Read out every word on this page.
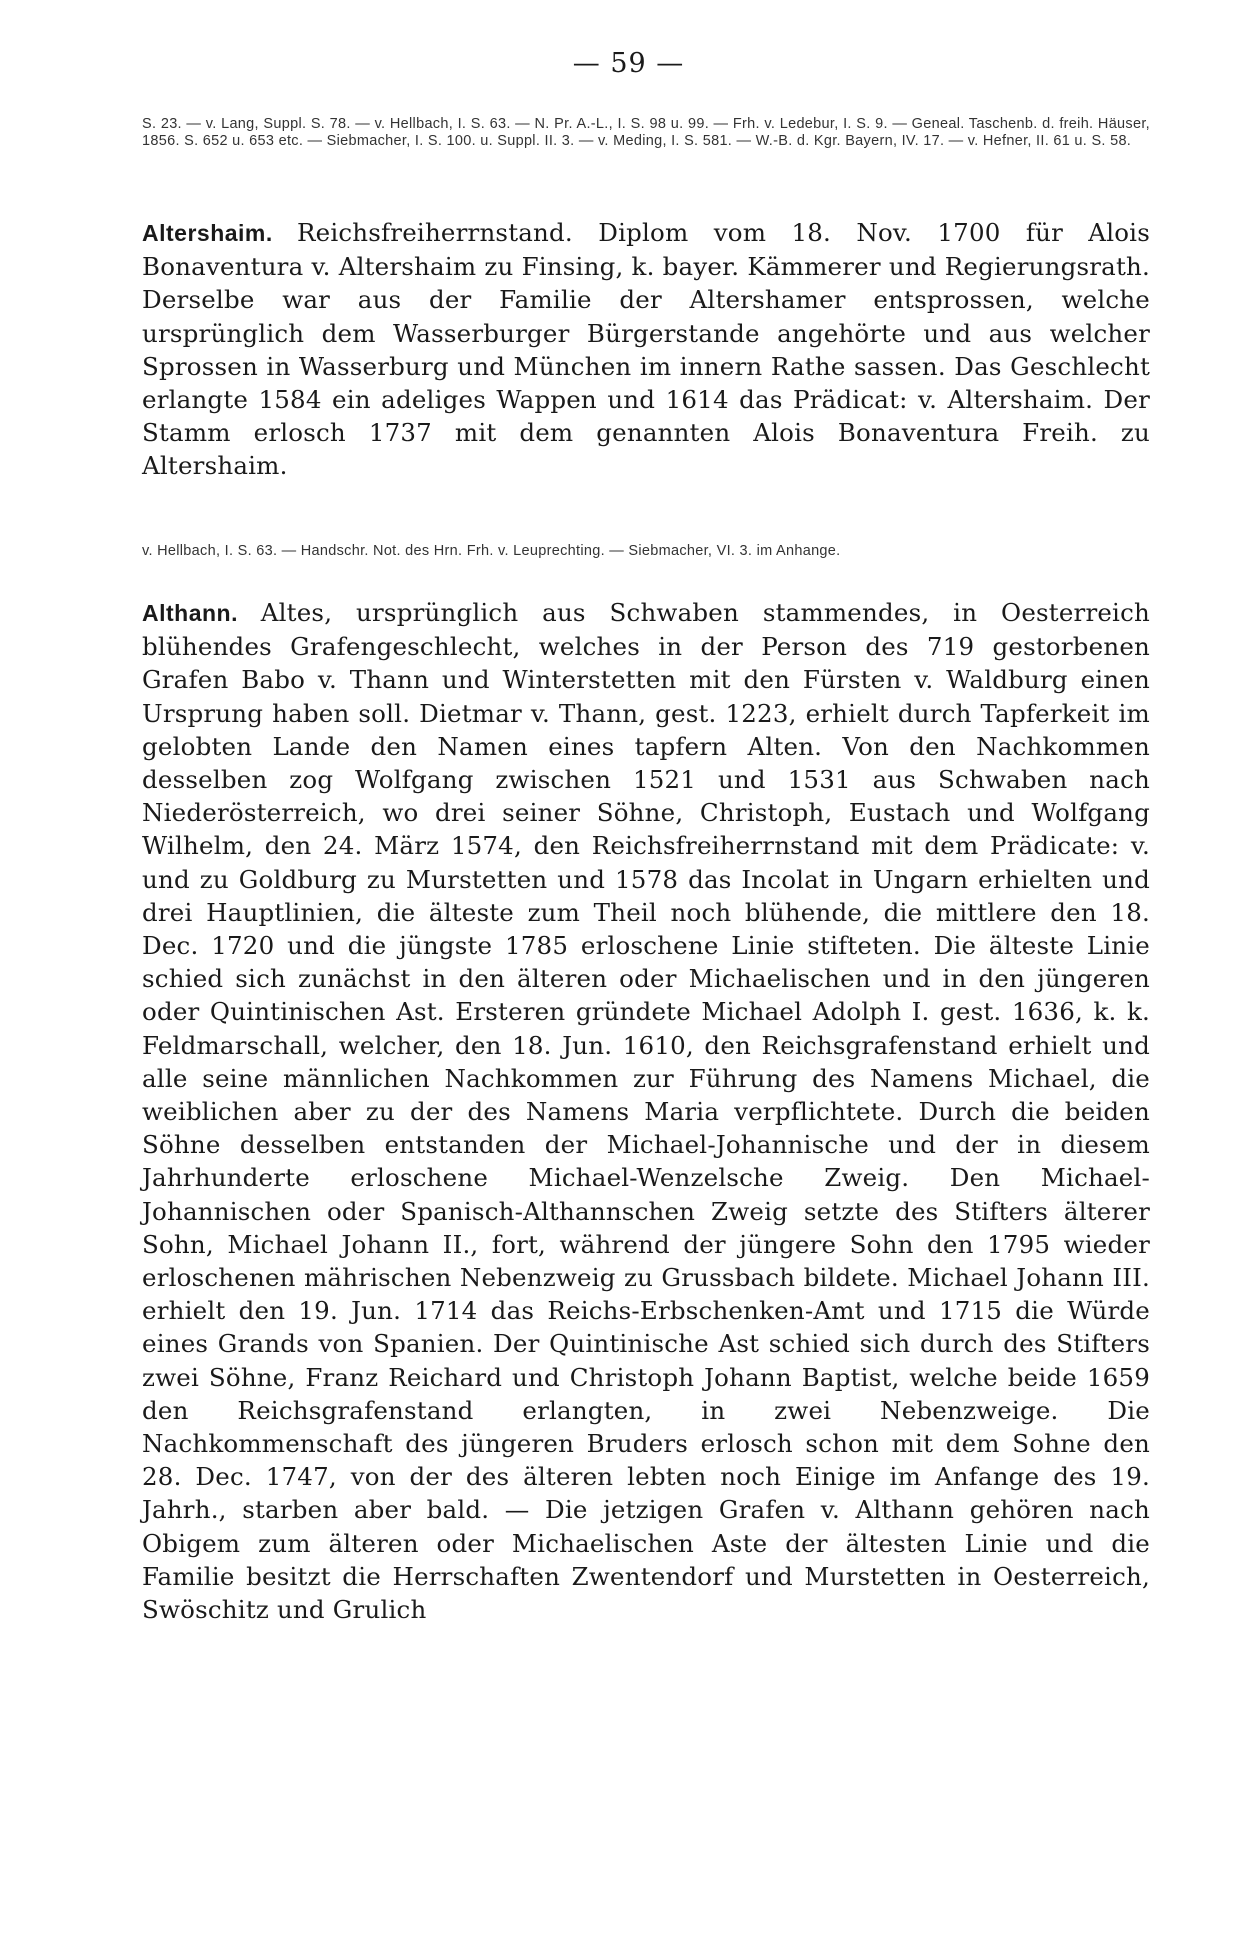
— 59 —
S. 23. — v. Lang, Suppl. S. 78. — v. Hellbach, I. S. 63. — N. Pr. A.-L., I. S. 98 u. 99. — Frh. v. Ledebur, I. S. 9. — Geneal. Taschenb. d. freih. Häuser, 1856. S. 652 u. 653 etc. — Siebmacher, I. S. 100. u. Suppl. II. 3. — v. Meding, I. S. 581. — W.-B. d. Kgr. Bayern, IV. 17. — v. Hefner, II. 61 u. S. 58.
Altershaim. Reichsfreiherrnstand. Diplom vom 18. Nov. 1700 für Alois Bonaventura v. Altershaim zu Finsing, k. bayer. Kämmerer und Regierungsrath. Derselbe war aus der Familie der Altershamer entsprossen, welche ursprünglich dem Wasserburger Bürgerstande angehörte und aus welcher Sprossen in Wasserburg und München im innern Rathe sassen. Das Geschlecht erlangte 1584 ein adeliges Wappen und 1614 das Prädicat: v. Altershaim. Der Stamm erlosch 1737 mit dem genannten Alois Bonaventura Freih. zu Altershaim.
v. Hellbach, I. S. 63. — Handschr. Not. des Hrn. Frh. v. Leuprechting. — Siebmacher, VI. 3. im Anhange.
Althann. Altes, ursprünglich aus Schwaben stammendes, in Oesterreich blühendes Grafengeschlecht, welches in der Person des 719 gestorbenen Grafen Babo v. Thann und Winterstetten mit den Fürsten v. Waldburg einen Ursprung haben soll. Dietmar v. Thann, gest. 1223, erhielt durch Tapferkeit im gelobten Lande den Namen eines tapfern Alten. Von den Nachkommen desselben zog Wolfgang zwischen 1521 und 1531 aus Schwaben nach Niederösterreich, wo drei seiner Söhne, Christoph, Eustach und Wolfgang Wilhelm, den 24. März 1574, den Reichsfreiherrnstand mit dem Prädicate: v. und zu Goldburg zu Murstetten und 1578 das Incolat in Ungarn erhielten und drei Hauptlinien, die älteste zum Theil noch blühende, die mittlere den 18. Dec. 1720 und die jüngste 1785 erloschene Linie stifteten. Die älteste Linie schied sich zunächst in den älteren oder Michaelischen und in den jüngeren oder Quintinischen Ast. Ersteren gründete Michael Adolph I. gest. 1636, k. k. Feldmarschall, welcher, den 18. Jun. 1610, den Reichsgrafenstand erhielt und alle seine männlichen Nachkommen zur Führung des Namens Michael, die weiblichen aber zu der des Namens Maria verpflichtete. Durch die beiden Söhne desselben entstanden der Michael-Johannische und der in diesem Jahrhunderte erloschene Michael-Wenzelsche Zweig. Den Michael-Johannischen oder Spanisch-Althannschen Zweig setzte des Stifters älterer Sohn, Michael Johann II., fort, während der jüngere Sohn den 1795 wieder erloschenen mährischen Nebenzweig zu Grussbach bildete. Michael Johann III. erhielt den 19. Jun. 1714 das Reichs-Erbschenken-Amt und 1715 die Würde eines Grands von Spanien. Der Quintinische Ast schied sich durch des Stifters zwei Söhne, Franz Reichard und Christoph Johann Baptist, welche beide 1659 den Reichsgrafenstand erlangten, in zwei Nebenzweige. Die Nachkommenschaft des jüngeren Bruders erlosch schon mit dem Sohne den 28. Dec. 1747, von der des älteren lebten noch Einige im Anfange des 19. Jahrh., starben aber bald. — Die jetzigen Grafen v. Althann gehören nach Obigem zum älteren oder Michaelischen Aste der ältesten Linie und die Familie besitzt die Herrschaften Zwentendorf und Murstetten in Oesterreich, Swöschitz und Grulich
